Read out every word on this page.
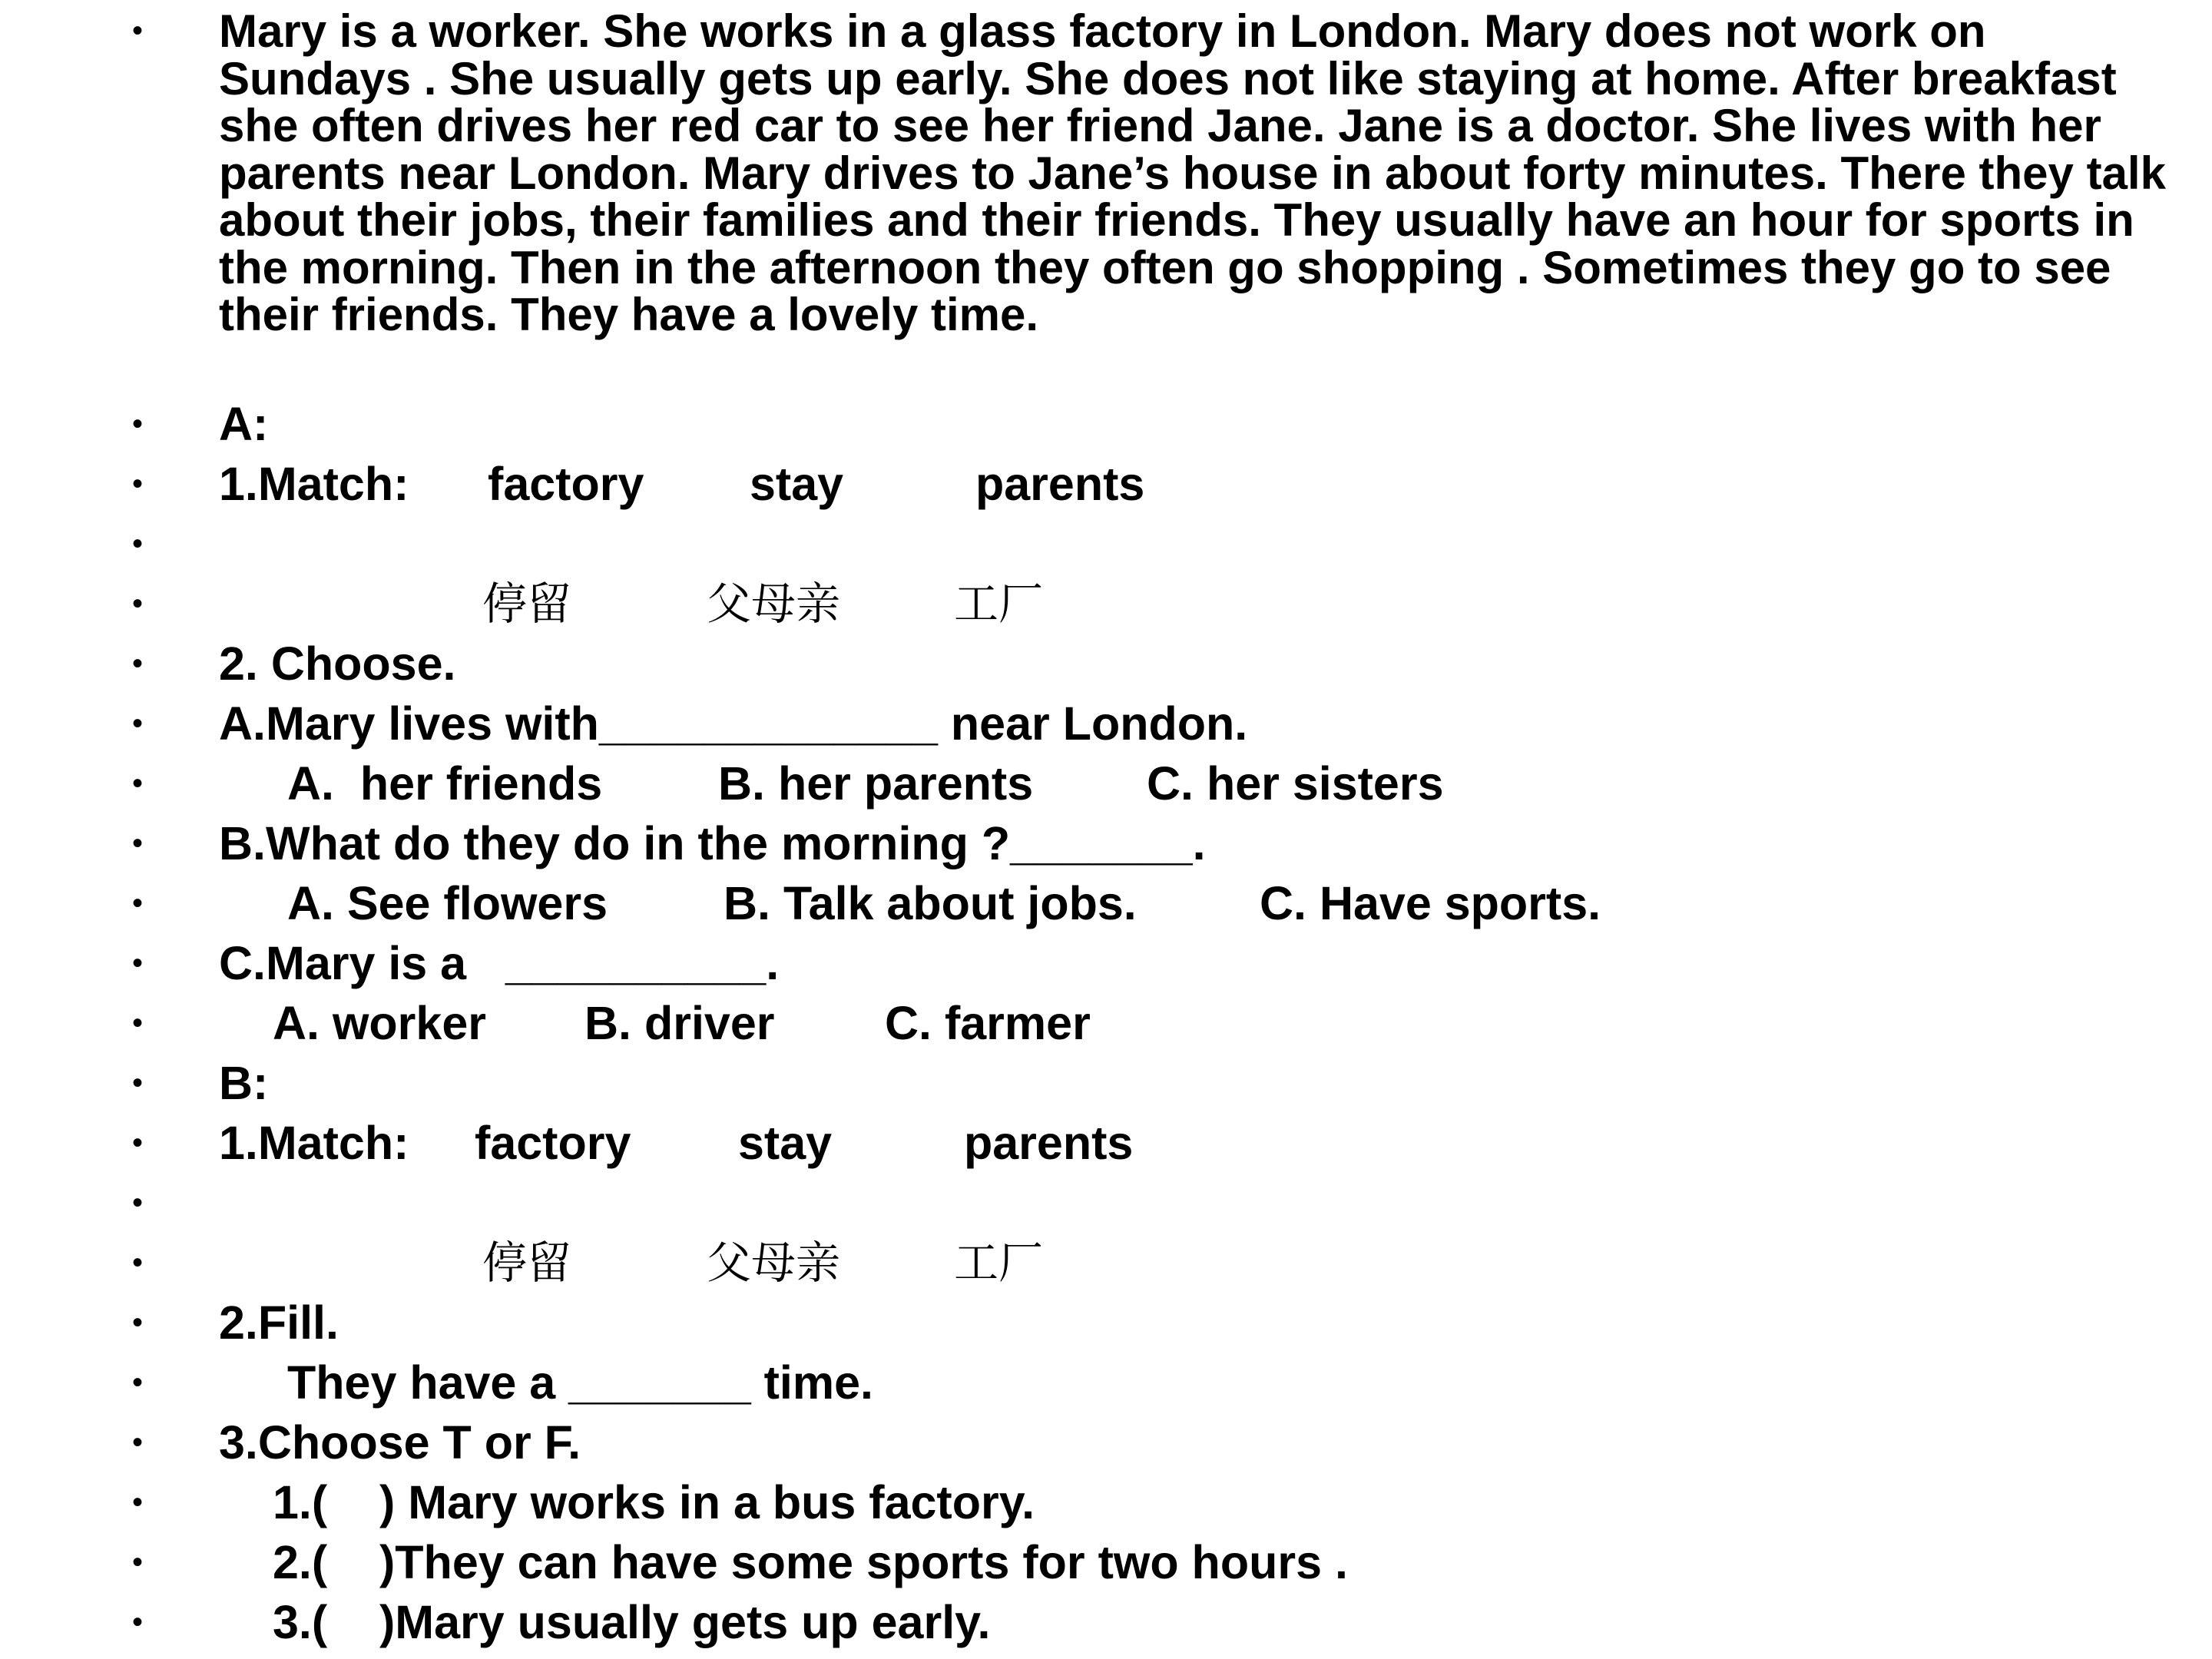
• Mary is a worker. She works in a glass factory in London. Mary does not work on Sundays . She usually gets up early. She does not like staying at home. After breakfast she often drives her red car to see her friend Jane. Jane is a doctor. She lives with her parents near London. Mary drives to Jane’s house in about forty minutes. There they talk about their jobs, their families and their friends. They usually have an hour for sports in the morning. Then in the afternoon they often go shopping . Sometimes they go to see their friends. They have a lovely time.

• A:
• 1.Match: factory stay	parents
•
•	停留	父母亲	工厂
• 2. Choose.
• A.Mary lives with_____________ near London.
•	A.  her friends B. her parents C. her sisters
• B.What do they do in the morning ?_______.
•	A. See flowers B. Talk about jobs.	C. Have sports.
• C.Mary is a   __________.
•	A. worker B. driver C. farmer
• B:
• 1.Match: factory stay	parents
•
•	停留	父母亲	工厂
• 2.Fill.
•	They have a _______ time.
• 3.Choose T or F.
•	1.(    ) Mary works in a bus factory.
•	2.(    )They can have some sports for two hours .
•	3.(    )Mary usually gets up early.
